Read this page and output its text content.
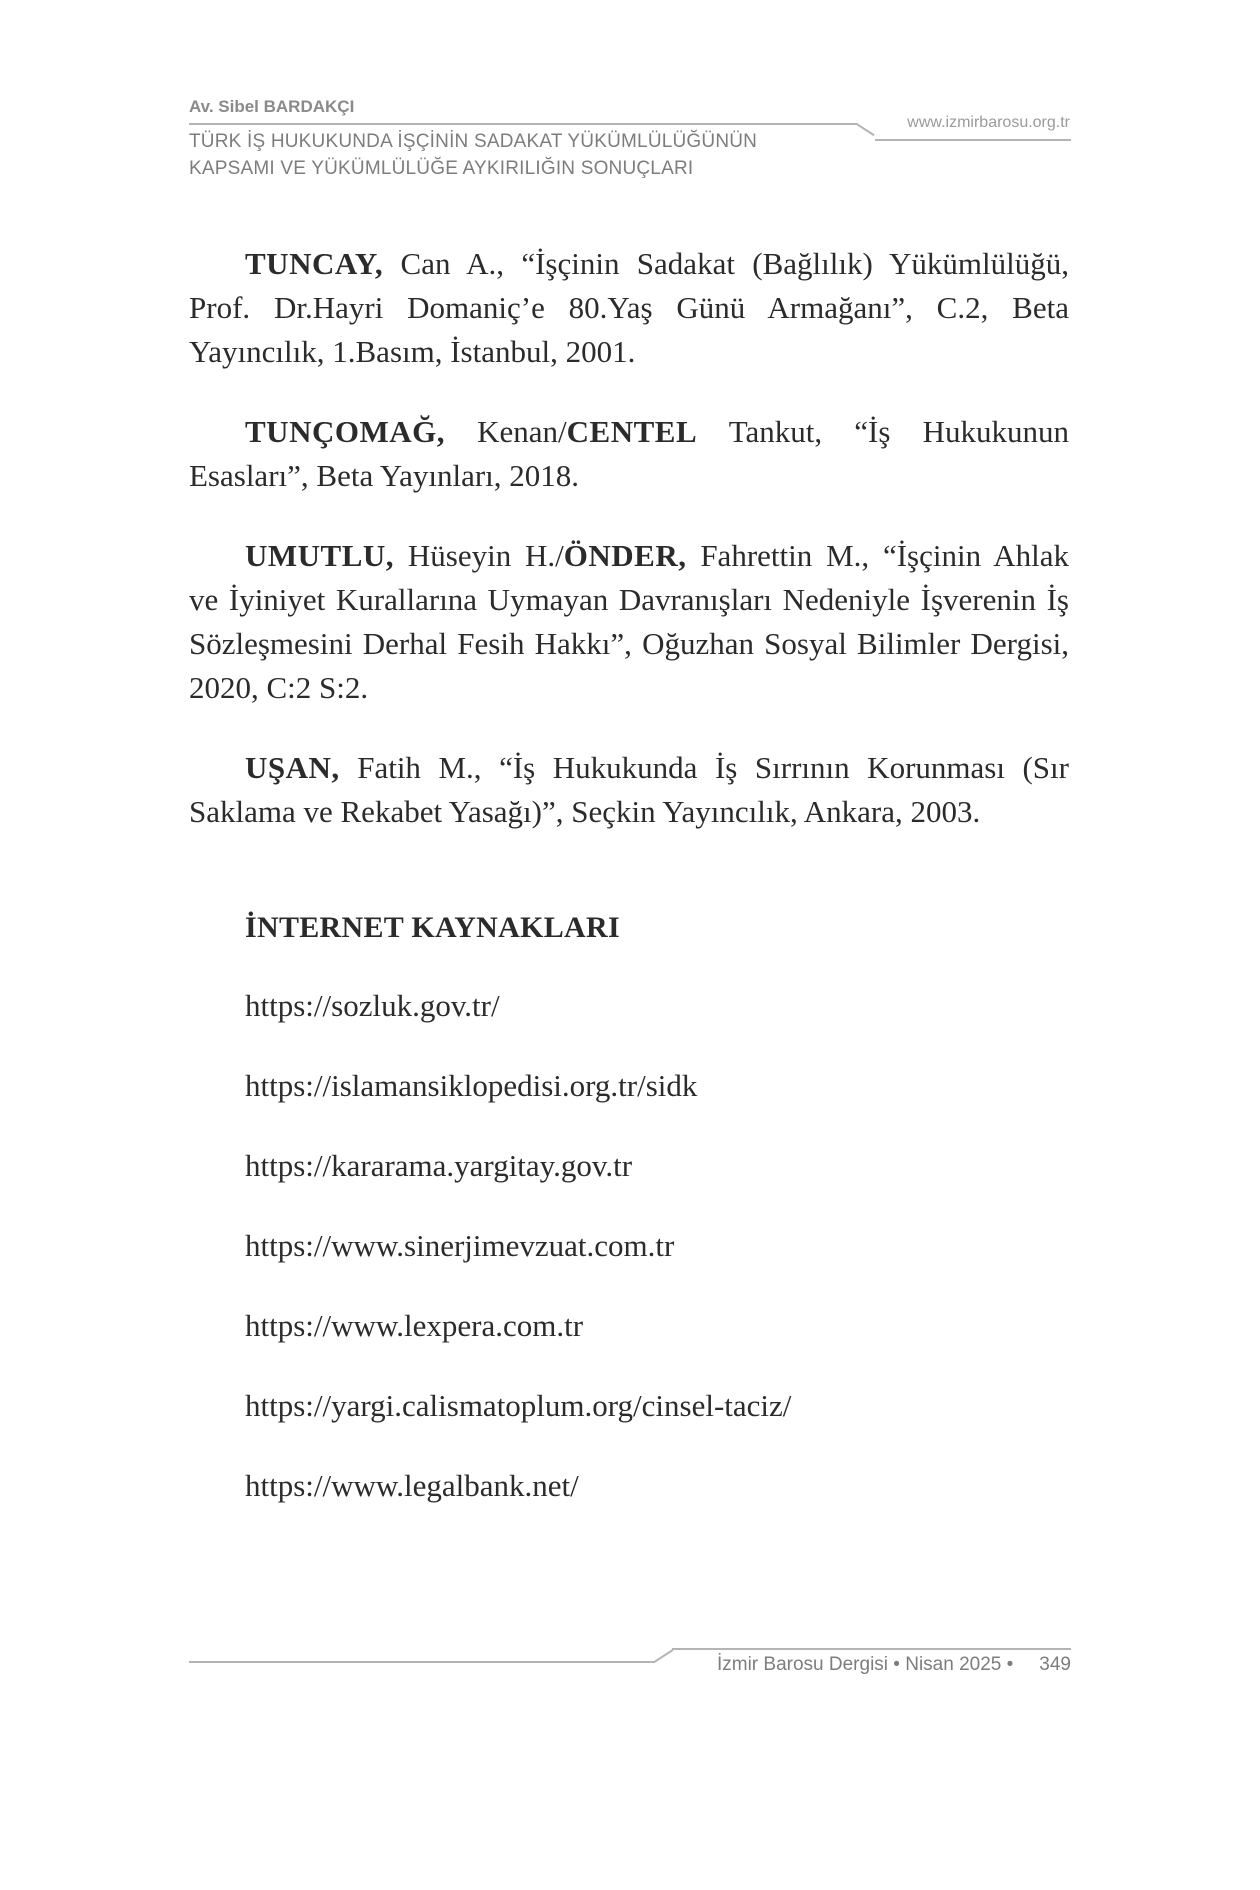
Av. Sibel BARDAKÇI
www.izmirbarosu.org.tr
TÜRK İŞ HUKUKUNDA İŞÇİNİN SADAKAT YÜKÜMLÜLÜĞÜNÜN
KAPSAMI VE YÜKÜMLÜLÜĞE AYKIRILIĞIN SONUÇLARI

TUNCAY, Can A., “İşçinin Sadakat (Bağlılık) Yükümlülüğü, Prof. Dr.Hayri Domaniç’e 80.Yaş Günü Armağanı”, C.2, Beta Yayıncılık, 1.Basım, İstanbul, 2001.

TUNÇOMAĞ, Kenan/CENTEL Tankut, “İş Hukukunun Esasları”, Beta Yayınları, 2018.

UMUTLU, Hüseyin H./ÖNDER, Fahrettin M., “İşçinin Ahlak ve İyiniyet Kurallarına Uymayan Davranışları Nedeniyle İşverenin İş Sözleşmesini Derhal Fesih Hakkı”, Oğuzhan Sosyal Bilimler Dergisi, 2020, C:2 S:2.

UŞAN, Fatih M., “İş Hukukunda İş Sırrının Korunması (Sır Saklama ve Rekabet Yasağı)”, Seçkin Yayıncılık, Ankara, 2003.

İNTERNET KAYNAKLARI
https://sozluk.gov.tr/
https://islamansiklopedisi.org.tr/sidk
https://kararama.yargitay.gov.tr
https://www.sinerjimevzuat.com.tr
https://www.lexpera.com.tr
https://yargi.calismatoplum.org/cinsel-taciz/
https://www.legalbank.net/
İzmir Barosu Dergisi • Nisan 2025 • 349
